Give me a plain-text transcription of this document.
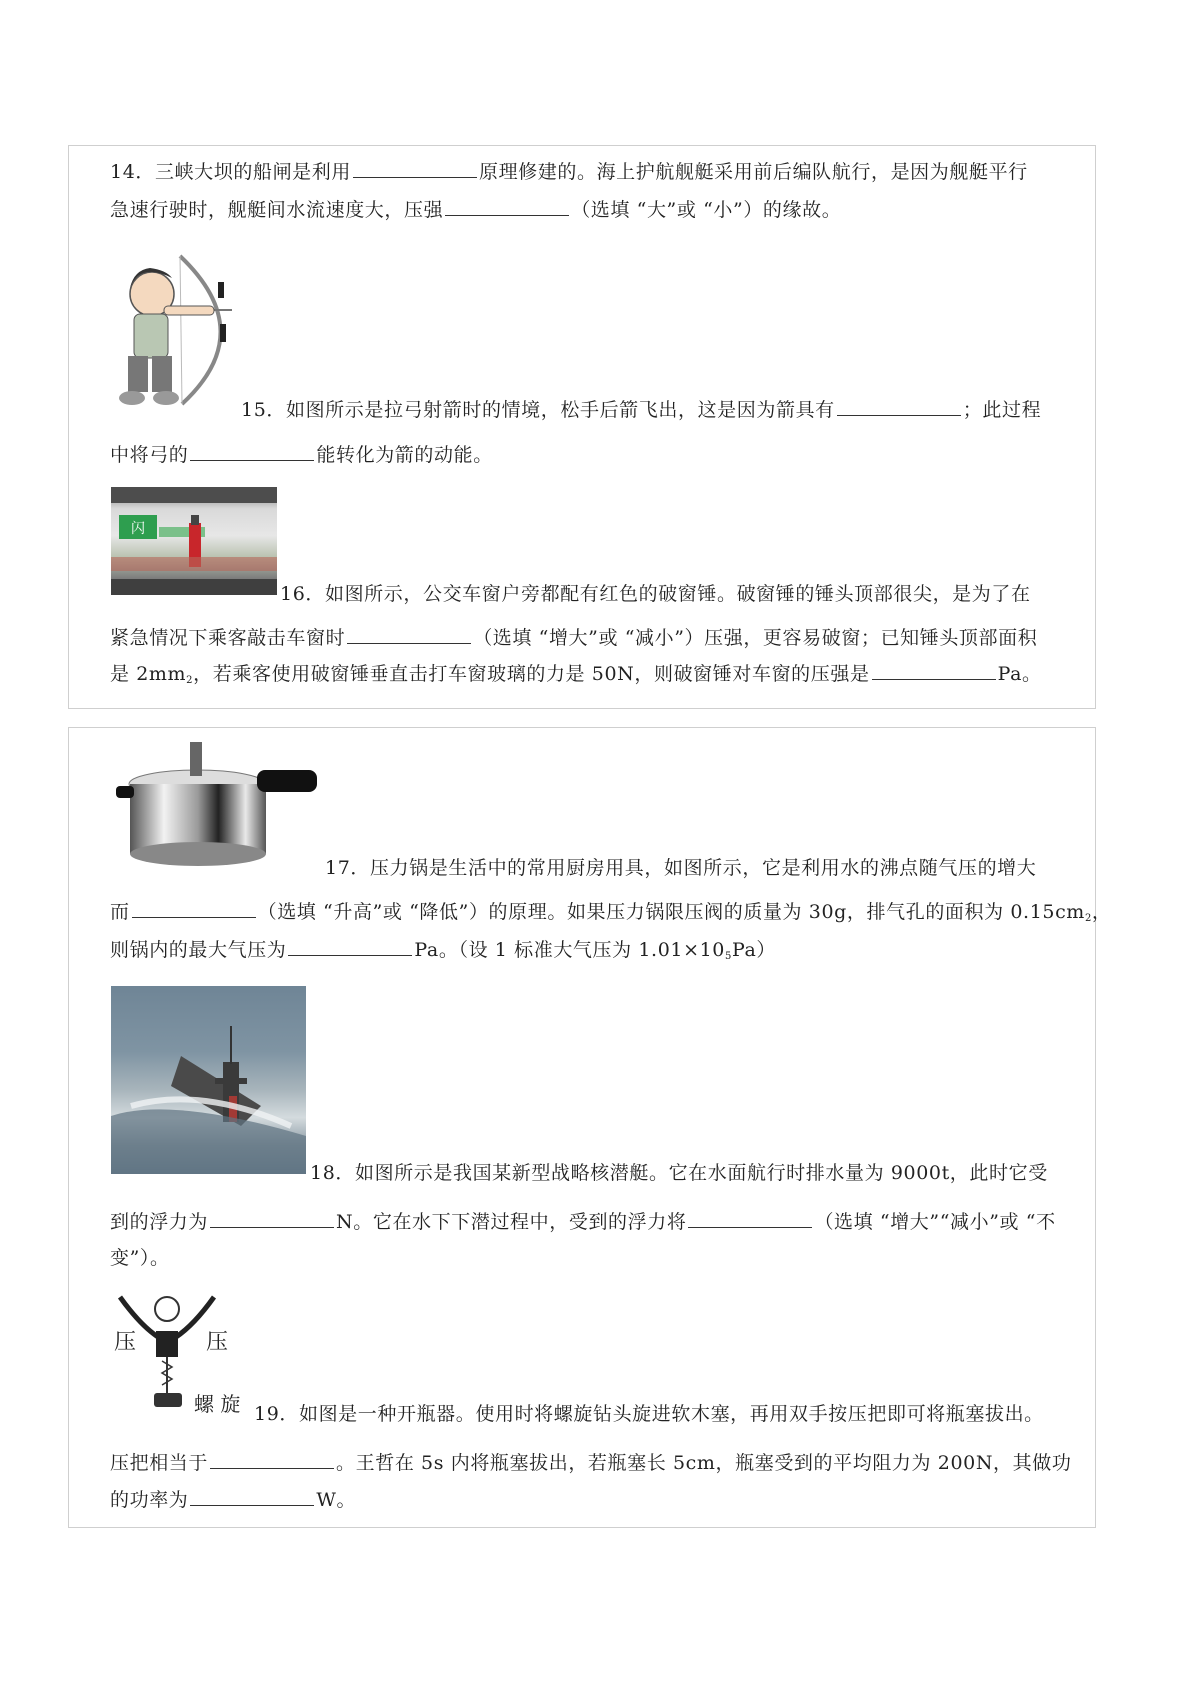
14．三峡大坝的船闸是利用	原理修建的。海上护航舰艇采用前后编队航行，是因为舰艇平行
急速行驶时，舰艇间水流速度大，压强	（选填 “大”或 “小”）的缘故。
15．如图所示是拉弓射箭时的情境，松手后箭飞出，这是因为箭具有	；此过程
中将弓的	能转化为箭的动能。
闪
16．如图所示，公交车窗户旁都配有红色的破窗锤。破窗锤的锤头顶部很尖，是为了在
紧急情况下乘客敲击车窗时	（选填 “增大”或 “减小”）压强，更容易破窗；已知锤头顶部面积
是 $2mm_2$，若乘客使用破窗锤垂直击打车窗玻璃的力是 50N，则破窗锤对车窗的压强是	Pa。
17．压力锅是生活中的常用厨房用具，如图所示，它是利用水的沸点随气压的增大
而	（选填 “升高”或 “降低”）的原理。如果压力锅限压阀的质量为 30g，排气孔的面积为 $0.15cm_2$，
则锅内的最大气压为	Pa。（设 1 标准大气压为 $1.01\times 10_5Pa$）
18．如图所示是我国某新型战略核潜艇。它在水面航行时排水量为 9000t，此时它受
到的浮力为	N。它在水下下潜过程中，受到的浮力将	（选填 “增大”“减小”或 “不
变”）。
压	压
螺 旋 19．如图是一种开瓶器。使用时将螺旋钻头旋进软木塞，再用双手按压把即可将瓶塞拔出。
压把相当于	。王哲在 5s 内将瓶塞拔出，若瓶塞长 5cm，瓶塞受到的平均阻力为 200N，其做功
的功率为	W。
